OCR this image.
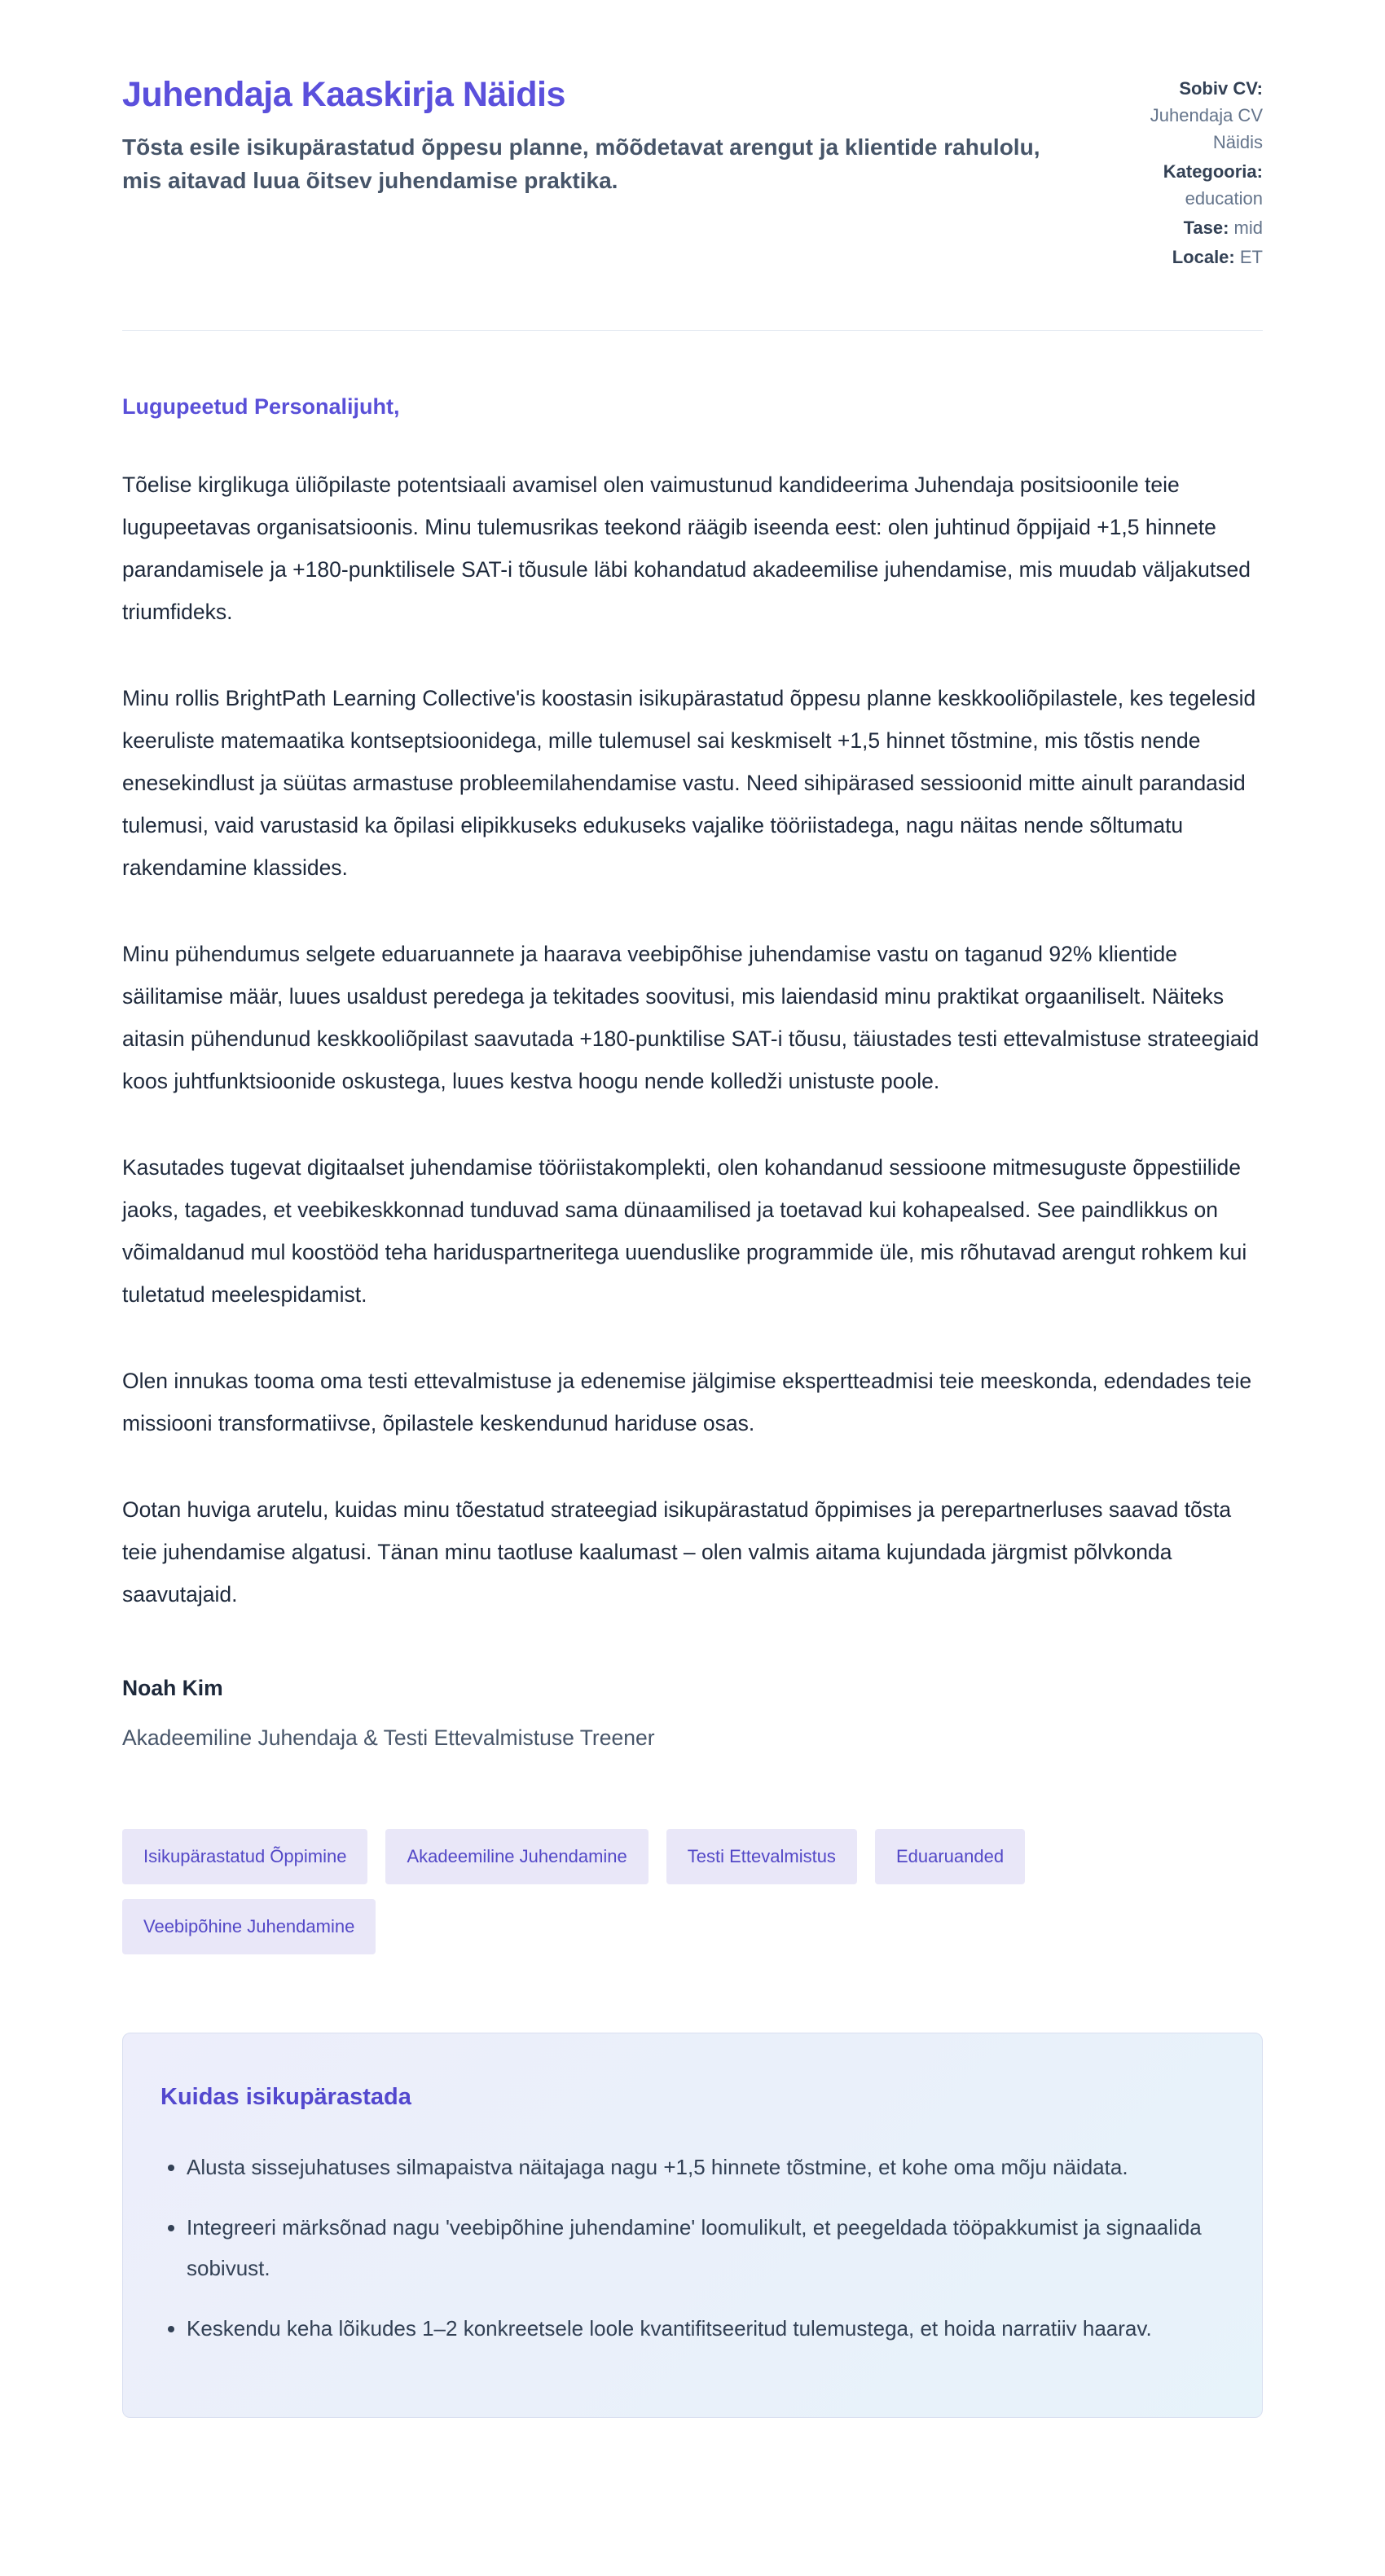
Juhendaja Kaaskirja Näidis

Tõsta esile isikupärastatud õppesu planne, mõõdetavat arengut ja klientide rahulolu, mis aitavad luua õitsev juhendamise praktika.

Sobiv CV: Juhendaja CV Näidis
Kategooria: education
Tase: mid
Locale: ET

Lugupeetud Personalijuht,

Tõelise kirglikuga üliõpilaste potentsiaali avamisel olen vaimustunud kandideerima Juhendaja positsioonile teie lugupeetavas organisatsioonis. Minu tulemusrikas teekond räägib iseenda eest: olen juhtinud õppijaid +1,5 hinnete parandamisele ja +180-punktilisele SAT-i tõusule läbi kohandatud akadeemilise juhendamise, mis muudab väljakutsed triumfideks.

Minu rollis BrightPath Learning Collective'is koostasin isikupärastatud õppesu planne keskkooliõpilastele, kes tegelesid keeruliste matemaatika kontseptsioonidega, mille tulemusel sai keskmiselt +1,5 hinnet tõstmine, mis tõstis nende enesekindlust ja süütas armastuse probleemilahendamise vastu. Need sihipärased sessioonid mitte ainult parandasid tulemusi, vaid varustasid ka õpilasi elipikkuseks edukuseks vajalike tööriistadega, nagu näitas nende sõltumatu rakendamine klassides.

Minu pühendumus selgete eduaruannete ja haarava veebipõhise juhendamise vastu on taganud 92% klientide säilitamise määr, luues usaldust peredega ja tekitades soovitusi, mis laiendasid minu praktikat orgaaniliselt. Näiteks aitasin pühendunud keskkooliõpilast saavutada +180-punktilise SAT-i tõusu, täiustades testi ettevalmistuse strateegiaid koos juhtfunktsioonide oskustega, luues kestva hoogu nende kolledži unistuste poole.

Kasutades tugevat digitaalset juhendamise tööriistakomplekti, olen kohandanud sessioone mitmesuguste õppestiilide jaoks, tagades, et veebikeskkonnad tunduvad sama dünaamilised ja toetavad kui kohapealsed. See paindlikkus on võimaldanud mul koostööd teha hariduspartneritega uuenduslike programmide üle, mis rõhutavad arengut rohkem kui tuletatud meelespidamist.

Olen innukas tooma oma testi ettevalmistuse ja edenemise jälgimise ekspertteadmisi teie meeskonda, edendades teie missiooni transformatiivse, õpilastele keskendunud hariduse osas.

Ootan huviga arutelu, kuidas minu tõestatud strateegiad isikupärastatud õppimises ja perepartnerluses saavad tõsta teie juhendamise algatusi. Tänan minu taotluse kaalumast – olen valmis aitama kujundada järgmist põlvkonda saavutajaid.

Noah Kim

Akadeemiline Juhendaja & Testi Ettevalmistuse Treener

Isikupärastatud Õppimine	Akadeemiline Juhendamine	Testi Ettevalmistus	Eduaruanded
Veebipõhine Juhendamine
Kuidas isikupärastada
• Alusta sissejuhatuses silmapaistva näitajaga nagu +1,5 hinnete tõstmine, et kohe oma mõju näidata.
• Integreeri märksõnad nagu 'veebipõhine juhendamine' loomulikult, et peegeldada tööpakkumist ja signaalida sobivust.
• Keskendu keha lõikudes 1–2 konkreetsele loole kvantifitseeritud tulemustega, et hoida narratiiv haarav.
